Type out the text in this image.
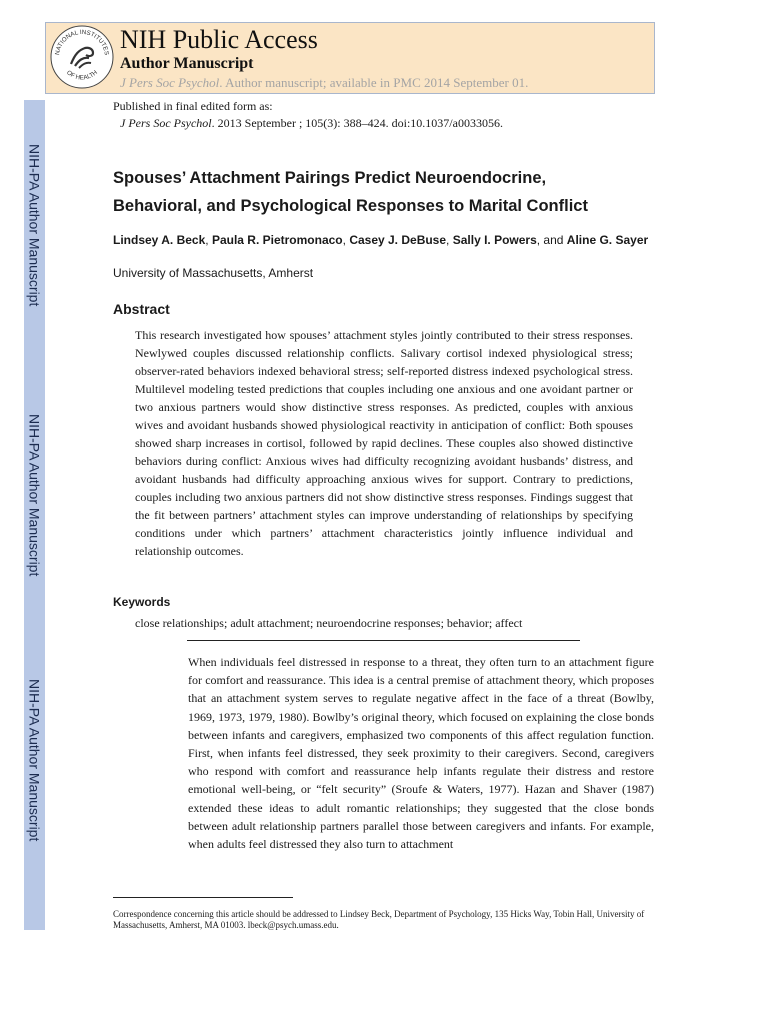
NIH-PA Author Manuscript
NIH-PA Author Manuscript
NIH-PA Author Manuscript
NATIONAL INSTITUTES
OF HEALTH
NIH Public Access
Author Manuscript
J Pers Soc Psychol. Author manuscript; available in PMC 2014 September 01.
Published in final edited form as:
J Pers Soc Psychol. 2013 September ; 105(3): 388–424. doi:10.1037/a0033056.
Spouses’ Attachment Pairings Predict Neuroendocrine,
Behavioral, and Psychological Responses to Marital Conflict
Lindsey A. Beck, Paula R. Pietromonaco, Casey J. DeBuse, Sally I. Powers, and Aline G. Sayer
University of Massachusetts, Amherst
Abstract
This research investigated how spouses’ attachment styles jointly contributed to their stress responses. Newlywed couples discussed relationship conflicts. Salivary cortisol indexed physiological stress; observer-rated behaviors indexed behavioral stress; self-reported distress indexed psychological stress. Multilevel modeling tested predictions that couples including one anxious and one avoidant partner or two anxious partners would show distinctive stress responses. As predicted, couples with anxious wives and avoidant husbands showed physiological reactivity in anticipation of conflict: Both spouses showed sharp increases in cortisol, followed by rapid declines. These couples also showed distinctive behaviors during conflict: Anxious wives had difficulty recognizing avoidant husbands’ distress, and avoidant husbands had difficulty approaching anxious wives for support. Contrary to predictions, couples including two anxious partners did not show distinctive stress responses. Findings suggest that the fit between partners’ attachment styles can improve understanding of relationships by specifying conditions under which partners’ attachment characteristics jointly influence individual and relationship outcomes.
Keywords
close relationships; adult attachment; neuroendocrine responses; behavior; affect
When individuals feel distressed in response to a threat, they often turn to an attachment figure for comfort and reassurance. This idea is a central premise of attachment theory, which proposes that an attachment system serves to regulate negative affect in the face of a threat (Bowlby, 1969, 1973, 1979, 1980). Bowlby’s original theory, which focused on explaining the close bonds between infants and caregivers, emphasized two components of this affect regulation function. First, when infants feel distressed, they seek proximity to their caregivers. Second, caregivers who respond with comfort and reassurance help infants regulate their distress and restore emotional well-being, or “felt security” (Sroufe & Waters, 1977). Hazan and Shaver (1987) extended these ideas to adult romantic relationships; they suggested that the close bonds between adult relationship partners parallel those between caregivers and infants. For example, when adults feel distressed they also turn to attachment
Correspondence concerning this article should be addressed to Lindsey Beck, Department of Psychology, 135 Hicks Way, Tobin Hall, University of Massachusetts, Amherst, MA 01003. lbeck@psych.umass.edu.
